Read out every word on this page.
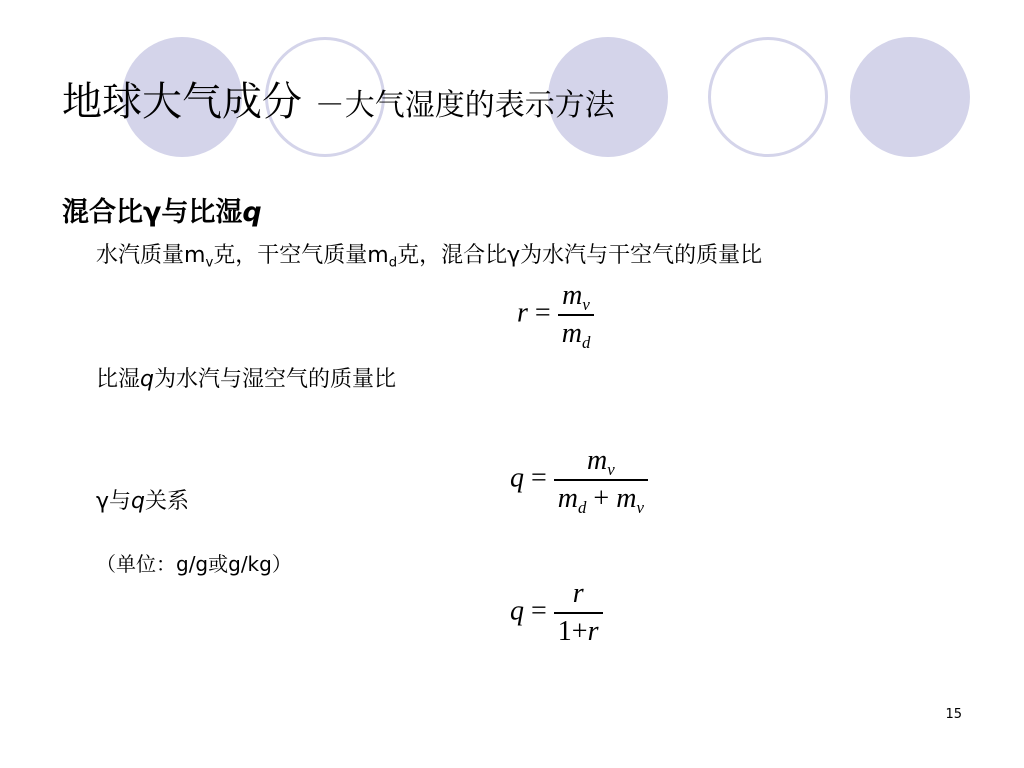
地球大气成分 －大气湿度的表示方法
混合比γ与比湿q
水汽质量$m_v$克，干空气质量$m_d$克，混合比γ为水汽与干空气的质量比
$r = \frac{m_v}{m_d}$
比湿q为水汽与湿空气的质量比
$q = \frac{m_v}{m_d + m_v}$
γ与q关系
（单位：g/g或g/kg）
$q = \frac{r}{1+r}$
15
